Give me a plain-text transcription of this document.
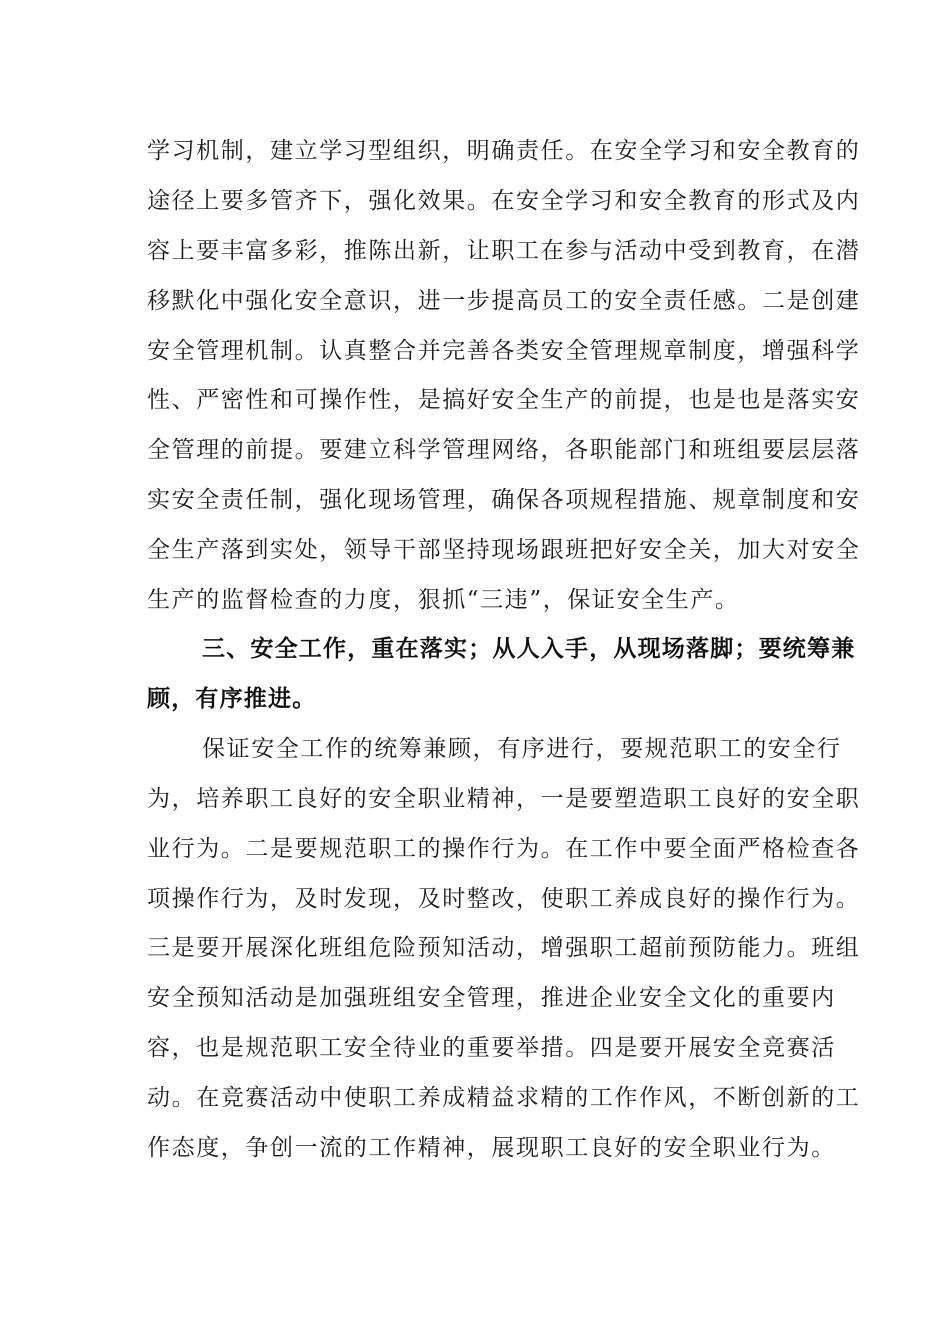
学习机制，建立学习型组织，明确责任。在安全学习和安全教育的
途径上要多管齐下，强化效果。在安全学习和安全教育的形式及内
容上要丰富多彩，推陈出新，让职工在参与活动中受到教育，在潜
移默化中强化安全意识，进一步提高员工的安全责任感。二是创建
安全管理机制。认真整合并完善各类安全管理规章制度，增强科学
性、严密性和可操作性，是搞好安全生产的前提，也是也是落实安
全管理的前提。要建立科学管理网络，各职能部门和班组要层层落
实安全责任制，强化现场管理，确保各项规程措施、规章制度和安
全生产落到实处，领导干部坚持现场跟班把好安全关，加大对安全
生产的监督检查的力度，狠抓“三违”，保证安全生产。
三、安全工作，重在落实；从人入手，从现场落脚；要统筹兼
顾，有序推进。
保证安全工作的统筹兼顾，有序进行，要规范职工的安全行
为，培养职工良好的安全职业精神，一是要塑造职工良好的安全职
业行为。二是要规范职工的操作行为。在工作中要全面严格检查各
项操作行为，及时发现，及时整改，使职工养成良好的操作行为。
三是要开展深化班组危险预知活动，增强职工超前预防能力。班组
安全预知活动是加强班组安全管理，推进企业安全文化的重要内
容，也是规范职工安全待业的重要举措。四是要开展安全竞赛活
动。在竞赛活动中使职工养成精益求精的工作作风，不断创新的工
作态度，争创一流的工作精神，展现职工良好的安全职业行为。
